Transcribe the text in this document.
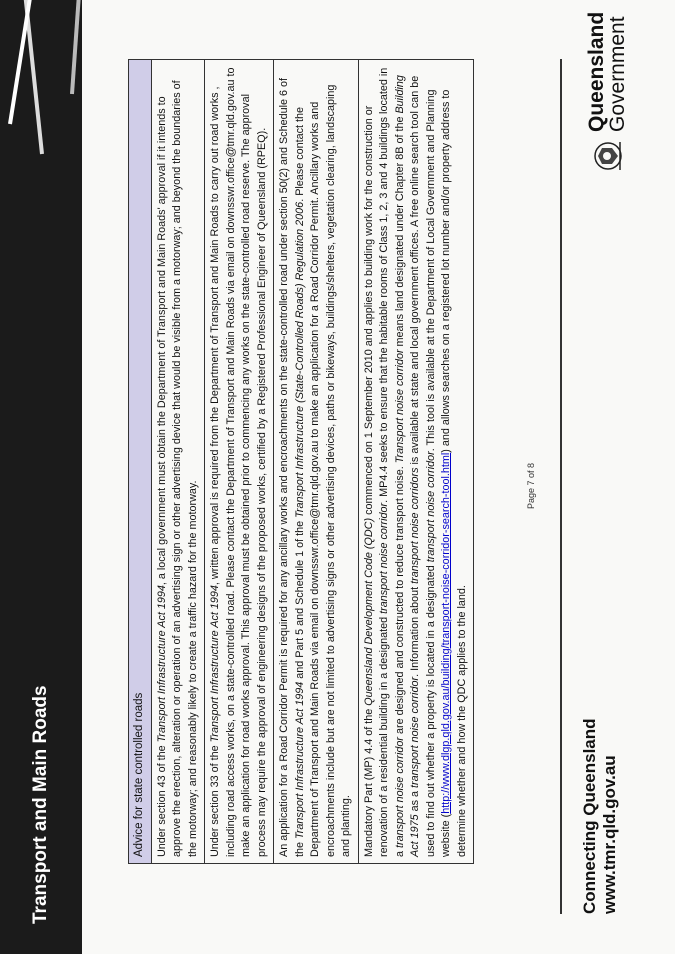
Transport and Main Roads	Advice for state controlled roads
Under section 43 of the Transport Infrastructure Act 1994, a local government must obtain the Department of Transport and Main Roads' approval if it intends to approve the erection, alteration or operation of an advertising sign or other advertising device that would be visible from a motorway; and beyond the boundaries of the motorway; and reasonably likely to create a traffic hazard for the motorway.
Under section 33 of the Transport Infrastructure Act 1994, written approval is required from the Department of Transport and Main Roads to carry out road works , including road access works, on a state-controlled road. Please contact the Department of Transport and Main Roads via email on downsswr.office@tmr.qld.gov.au to make an application for road works approval. This approval must be obtained prior to commencing any works on the state-controlled road reserve. The approval process may require the approval of engineering designs of the proposed works, certified by a Registered Professional Engineer of Queensland (RPEQ).
An application for a Road Corridor Permit is required for any ancillary works and encroachments on the state-controlled road under section 50(2) and Schedule 6 of the Transport Infrastructure Act 1994 and Part 5 and Schedule 1 of the Transport Infrastructure (State-Controlled Roads) Regulation 2006. Please contact the Department of Transport and Main Roads via email on downsswr.office@tmr.qld.gov.au to make an application for a Road Corridor Permit. Ancillary works and encroachments include but are not limited to advertising signs or other advertising devices, paths or bikeways, buildings/shelters, vegetation clearing, landscaping and planting.
Mandatory Part (MP) 4.4 of the Queensland Development Code (QDC) commenced on 1 September 2010 and applies to building work for the construction or renovation of a residential building in a designated transport noise corridor. MP4.4 seeks to ensure that the habitable rooms of Class 1, 2, 3 and 4 buildings located in a transport noise corridor are designed and constructed to reduce transport noise. Transport noise corridor means land designated under Chapter 8B of the Building Act 1975 as a transport noise corridor. Information about transport noise corridors is available at state and local government offices. A free online search tool can be used to find out whether a property is located in a designated transport noise corridor. This tool is available at the Department of Local Government and Planning website (http://www.dlgp.qld.gov.au/building/transport-noise-corridor-search-tool.html) and allows searches on a registered lot number and/or property address to determine whether and how the QDC applies to the land.
Page 7 of 8
Connecting Queensland www.tmr.qld.gov.au
Queensland
Government
